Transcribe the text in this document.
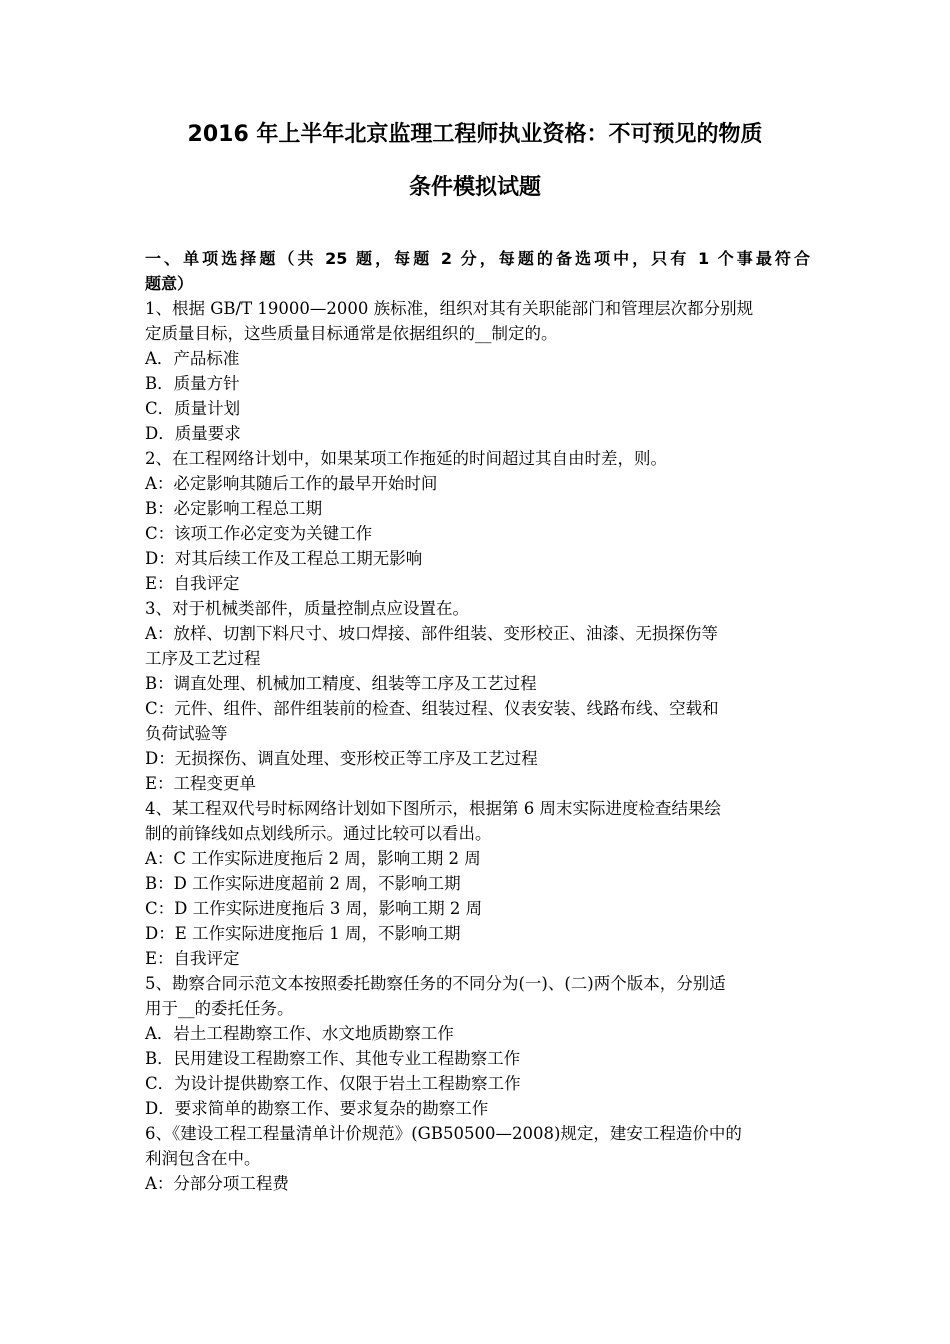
2016 年上半年北京监理工程师执业资格：不可预见的物质
条件模拟试题
一、单项选择题（共 25 题，每题 2 分，每题的备选项中，只有 1 个事最符合
题意）
1、根据 GB/T 19000—2000 族标准，组织对其有关职能部门和管理层次都分别规
定质量目标，这些质量目标通常是依据组织的__制定的。
A．产品标准
B．质量方针
C．质量计划
D．质量要求
2、在工程网络计划中，如果某项工作拖延的时间超过其自由时差，则。
A：必定影响其随后工作的最早开始时间
B：必定影响工程总工期
C：该项工作必定变为关键工作
D：对其后续工作及工程总工期无影响
E：自我评定
3、对于机械类部件，质量控制点应设置在。
A：放样、切割下料尺寸、坡口焊接、部件组装、变形校正、油漆、无损探伤等
工序及工艺过程
B：调直处理、机械加工精度、组装等工序及工艺过程
C：元件、组件、部件组装前的检查、组装过程、仪表安装、线路布线、空载和
负荷试验等
D：无损探伤、调直处理、变形校正等工序及工艺过程
E：工程变更单
4、某工程双代号时标网络计划如下图所示，根据第 6 周末实际进度检查结果绘
制的前锋线如点划线所示。通过比较可以看出。
A：C 工作实际进度拖后 2 周，影响工期 2 周
B：D 工作实际进度超前 2 周，不影响工期
C：D 工作实际进度拖后 3 周，影响工期 2 周
D：E 工作实际进度拖后 1 周，不影响工期
E：自我评定
5、勘察合同示范文本按照委托勘察任务的不同分为(一)、(二)两个版本，分别适
用于__的委托任务。
A．岩土工程勘察工作、水文地质勘察工作
B．民用建设工程勘察工作、其他专业工程勘察工作
C．为设计提供勘察工作、仅限于岩土工程勘察工作
D．要求简单的勘察工作、要求复杂的勘察工作
6、《建设工程工程量清单计价规范》(GB50500—2008)规定，建安工程造价中的
利润包含在中。
A：分部分项工程费
